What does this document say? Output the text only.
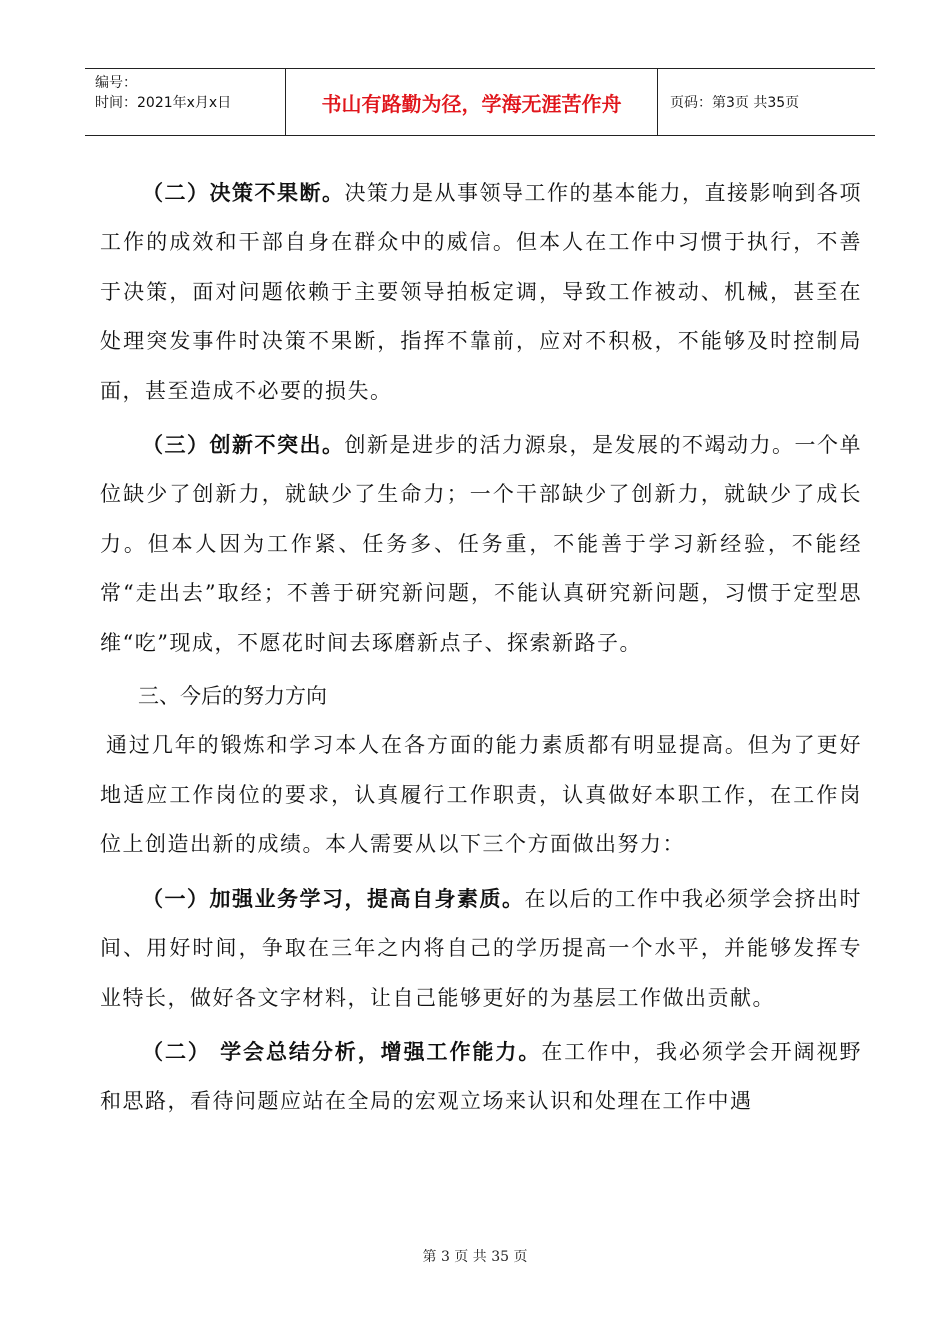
编号：
时间：2021年x月x日	书山有路勤为径，学海无涯苦作舟	页码：第3页 共35页

（二）决策不果断。决策力是从事领导工作的基本能力，直接影响到各项工作的成效和干部自身在群众中的威信。但本人在工作中习惯于执行，不善于决策，面对问题依赖于主要领导拍板定调，导致工作被动、机械，甚至在处理突发事件时决策不果断，指挥不靠前，应对不积极，不能够及时控制局面，甚至造成不必要的损失。

（三）创新不突出。创新是进步的活力源泉，是发展的不竭动力。一个单位缺少了创新力，就缺少了生命力；一个干部缺少了创新力，就缺少了成长力。但本人因为工作紧、任务多、任务重，不能善于学习新经验，不能经常“走出去”取经；不善于研究新问题，不能认真研究新问题，习惯于定型思维“吃”现成，不愿花时间去琢磨新点子、探索新路子。

三、今后的努力方向

通过几年的锻炼和学习本人在各方面的能力素质都有明显提高。但为了更好地适应工作岗位的要求，认真履行工作职责，认真做好本职工作，在工作岗位上创造出新的成绩。本人需要从以下三个方面做出努力：

（一）加强业务学习，提高自身素质。在以后的工作中我必须学会挤出时间、用好时间，争取在三年之内将自己的学历提高一个水平，并能够发挥专业特长，做好各文字材料，让自己能够更好的为基层工作做出贡献。

（二） 学会总结分析，增强工作能力。在工作中，我必须学会开阔视野和思路，看待问题应站在全局的宏观立场来认识和处理在工作中遇

第 3 页 共 35 页
